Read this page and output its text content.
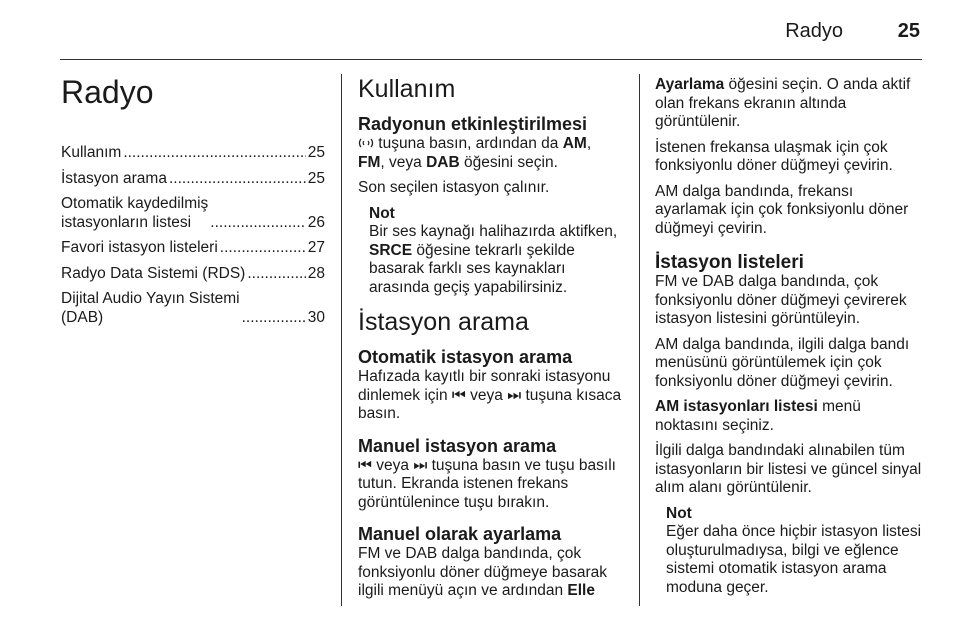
Radyo	25
Radyo
Kullanım .....	25
İstasyon arama .....	25
Otomatik kaydedilmiş
istasyonların listesi .....	26
Favori istasyon listeleri .....	27
Radyo Data Sistemi (RDS) .....	28
Dijital Audio Yayın Sistemi
(DAB) .....	30
Kullanım
Radyonun etkinleştirilmesi

tuşuna basın, ardından da AM,
FM, veya DAB öğesini seçin.

Son seçilen istasyon çalınır.

Not
Bir ses kaynağı halihazırda aktifken, SRCE öğesine tekrarlı şekilde basarak farklı ses kaynakları arasında geçiş yapabilirsiniz.
İstasyon arama
Otomatik istasyon arama

Hafızada kayıtlı bir sonraki istasyonu dinlemek için ⏮ veya ⏭ tuşuna kısaca basın.

Manuel istasyon arama

⏮ veya ⏭ tuşuna basın ve tuşu basılı tutun. Ekranda istenen frekans görüntülenince tuşu bırakın.

Manuel olarak ayarlama

FM ve DAB dalga bandında, çok fonksiyonlu döner düğmeye basarak ilgili menüyü açın ve ardından Elle

Ayarlama öğesini seçin. O anda aktif olan frekans ekranın altında görüntülenir.

İstenen frekansa ulaşmak için çok fonksiyonlu döner düğmeyi çevirin.

AM dalga bandında, frekansı ayarlamak için çok fonksiyonlu döner düğmeyi çevirin.

İstasyon listeleri

FM ve DAB dalga bandında, çok fonksiyonlu döner düğmeyi çevirerek istasyon listesini görüntüleyin.

AM dalga bandında, ilgili dalga bandı menüsünü görüntülemek için çok fonksiyonlu döner düğmeyi çevirin.

AM istasyonları listesi menü noktasını seçiniz.

İlgili dalga bandındaki alınabilen tüm istasyonların bir listesi ve güncel sinyal alım alanı görüntülenir.

Not
Eğer daha önce hiçbir istasyon listesi oluşturulmadıysa, bilgi ve eğlence sistemi otomatik istasyon arama moduna geçer.
